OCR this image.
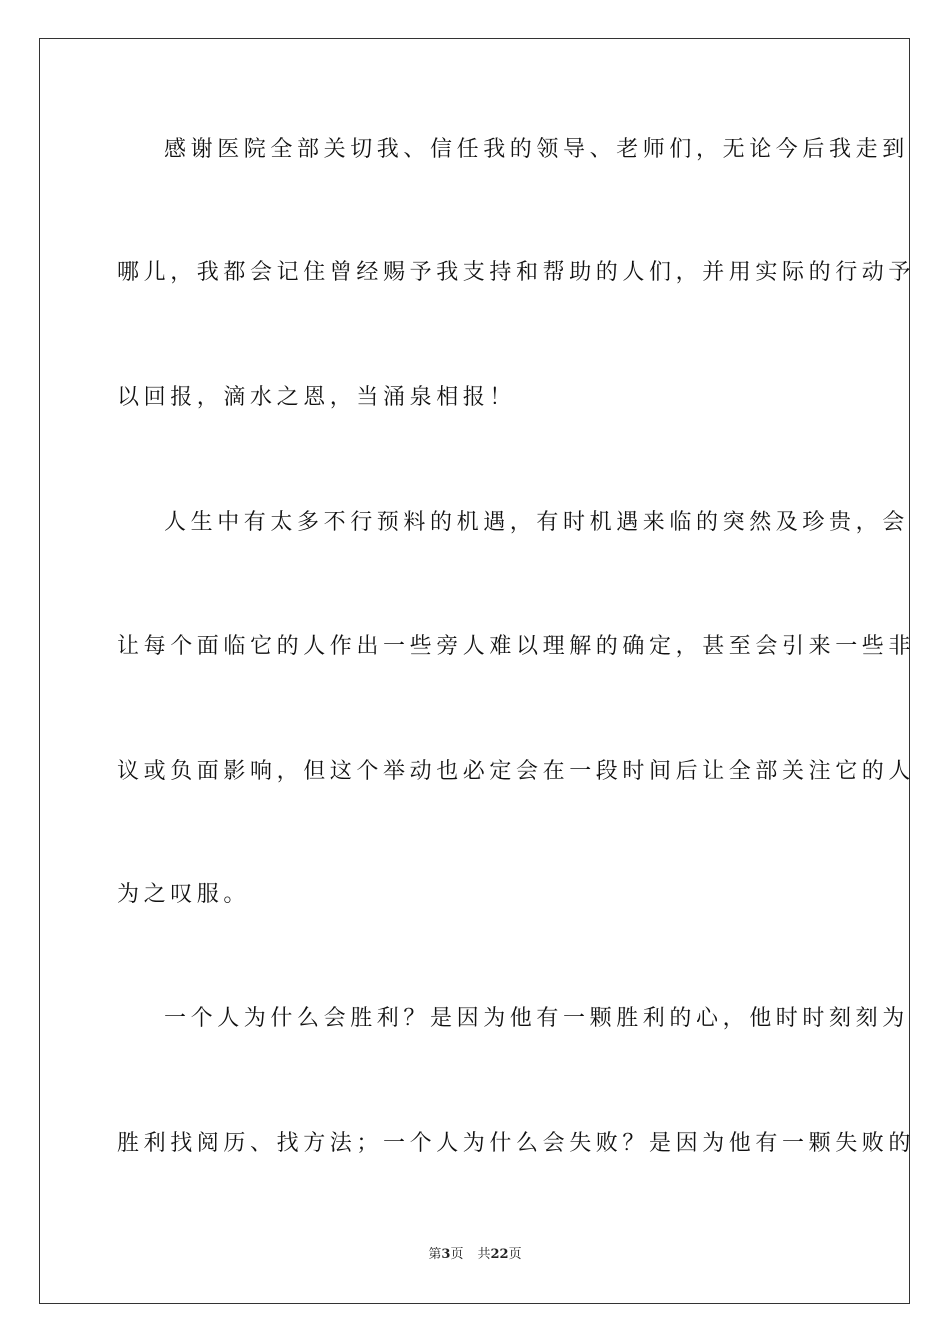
感谢医院全部关切我、信任我的领导、老师们，无论今后我走到
哪儿，我都会记住曾经赐予我支持和帮助的人们，并用实际的行动予
以回报，滴水之恩，当涌泉相报！
人生中有太多不行预料的机遇，有时机遇来临的突然及珍贵，会
让每个面临它的人作出一些旁人难以理解的确定，甚至会引来一些非
议或负面影响，但这个举动也必定会在一段时间后让全部关注它的人
为之叹服。
一个人为什么会胜利？是因为他有一颗胜利的心，他时时刻刻为
胜利找阅历、找方法；一个人为什么会失败？是因为他有一颗失败的
第3页 共22页
